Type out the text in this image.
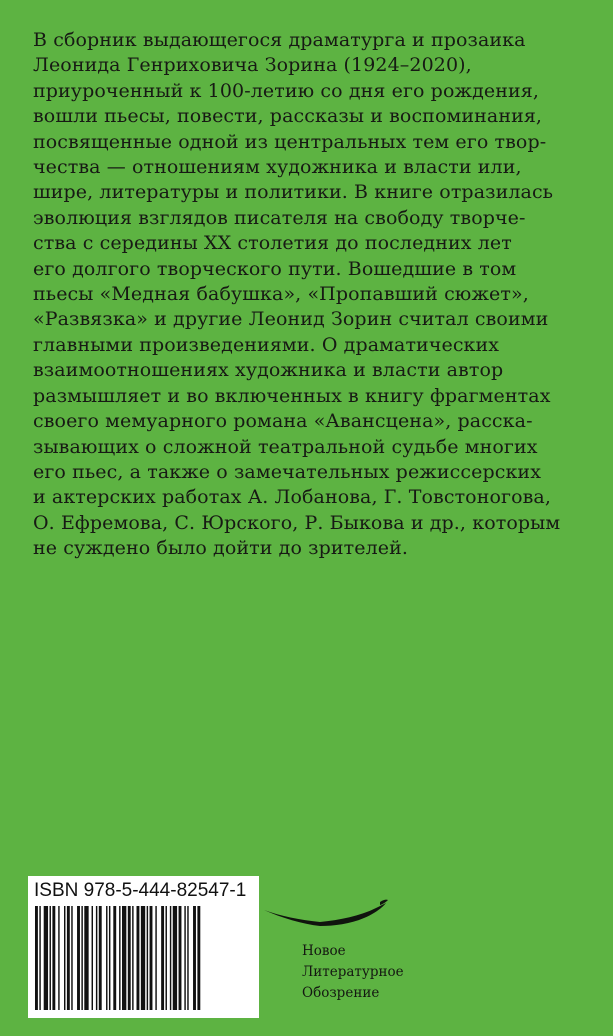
В сборник выдающегося драматурга и прозаика
Леонида Генриховича Зорина (1924–2020),
приуроченный к 100-летию со дня его рождения,
вошли пьесы, повести, рассказы и воспоминания,
посвященные одной из центральных тем его твор-
чества — отношениям художника и власти или,
шире, литературы и политики. В книге отразилась
эволюция взглядов писателя на свободу творче-
ства с середины XX столетия до последних лет
его долгого творческого пути. Вошедшие в том
пьесы «Медная бабушка», «Пропавший сюжет»,
«Развязка» и другие Леонид Зорин считал своими
главными произведениями. О драматических
взаимоотношениях художника и власти автор
размышляет и во включенных в книгу фрагментах
своего мемуарного романа «Авансцена», расска-
зывающих о сложной театральной судьбе многих
его пьес, а также о замечательных режиссерских
и актерских работах А. Лобанова, Г. Товстоногова,
О. Ефремова, С. Юрского, Р. Быкова и др., которым
не суждено было дойти до зрителей.
ISBN 978-5-444-82547-1
Новое
Литературное
Обозрение
